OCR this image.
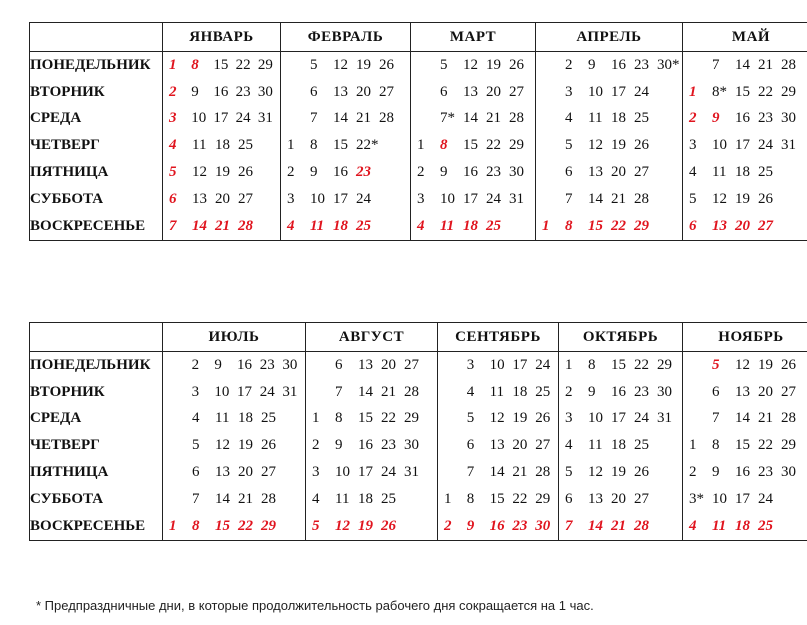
	ЯНВАРЬ	ФЕВРАЛЬ	МАРТ	АПРЕЛЬ	МАЙ
ПОНЕДЕЛЬНИК	1 8 15 22 29	5 12 19 26	5 12 19 26	2 9 16 23 30*	7 14 21 28

ВТОРНИК	2 9 16 23 30	6 13 20 27	6 13 20 27	3 10 17 24	1 8* 15 22 29

СРЕДА	3 10 17 24 31	7 14 21 28	7* 14 21 28	4 11 18 25	2 9 16 23 30

ЧЕТВЕРГ	4 11 18 25	1 8 15 22*	1 8 15 22 29	5 12 19 26	3 10 17 24 31

ПЯТНИЦА	5 12 19 26	2 9 16 23	2 9 16 23 30	6 13 20 27	4 11 18 25

СУББОТА	6 13 20 27	3 10 17 24	3 10 17 24 31	7 14 21 28	5 12 19 26

ВОСКРЕСЕНЬЕ	7 14 21 28	4 11 18 25	4 11 18 25	1 8 15 22 29	6 13 20 27
	ИЮЛЬ	АВГУСТ	СЕНТЯБРЬ	ОКТЯБРЬ	НОЯБРЬ
ПОНЕДЕЛЬНИК	2 9 16 23 30	6 13 20 27	3 10 17 24	1 8 15 22 29	5 12 19 26

ВТОРНИК	3 10 17 24 31	7 14 21 28	4 11 18 25	2 9 16 23 30	6 13 20 27

СРЕДА	4 11 18 25	1 8 15 22 29	5 12 19 26	3 10 17 24 31	7 14 21 28

ЧЕТВЕРГ	5 12 19 26	2 9 16 23 30	6 13 20 27	4 11 18 25	1 8 15 22 29

ПЯТНИЦА	6 13 20 27	3 10 17 24 31	7 14 21 28	5 12 19 26	2 9 16 23 30

СУББОТА	7 14 21 28	4 11 18 25	1 8 15 22 29	6 13 20 27	3* 10 17 24

ВОСКРЕСЕНЬЕ	1 8 15 22 29	5 12 19 26	2 9 16 23 30	7 14 21 28	4 11 18 25
* Предпраздничные дни, в которые продолжительность рабочего дня сокращается на 1 час.
